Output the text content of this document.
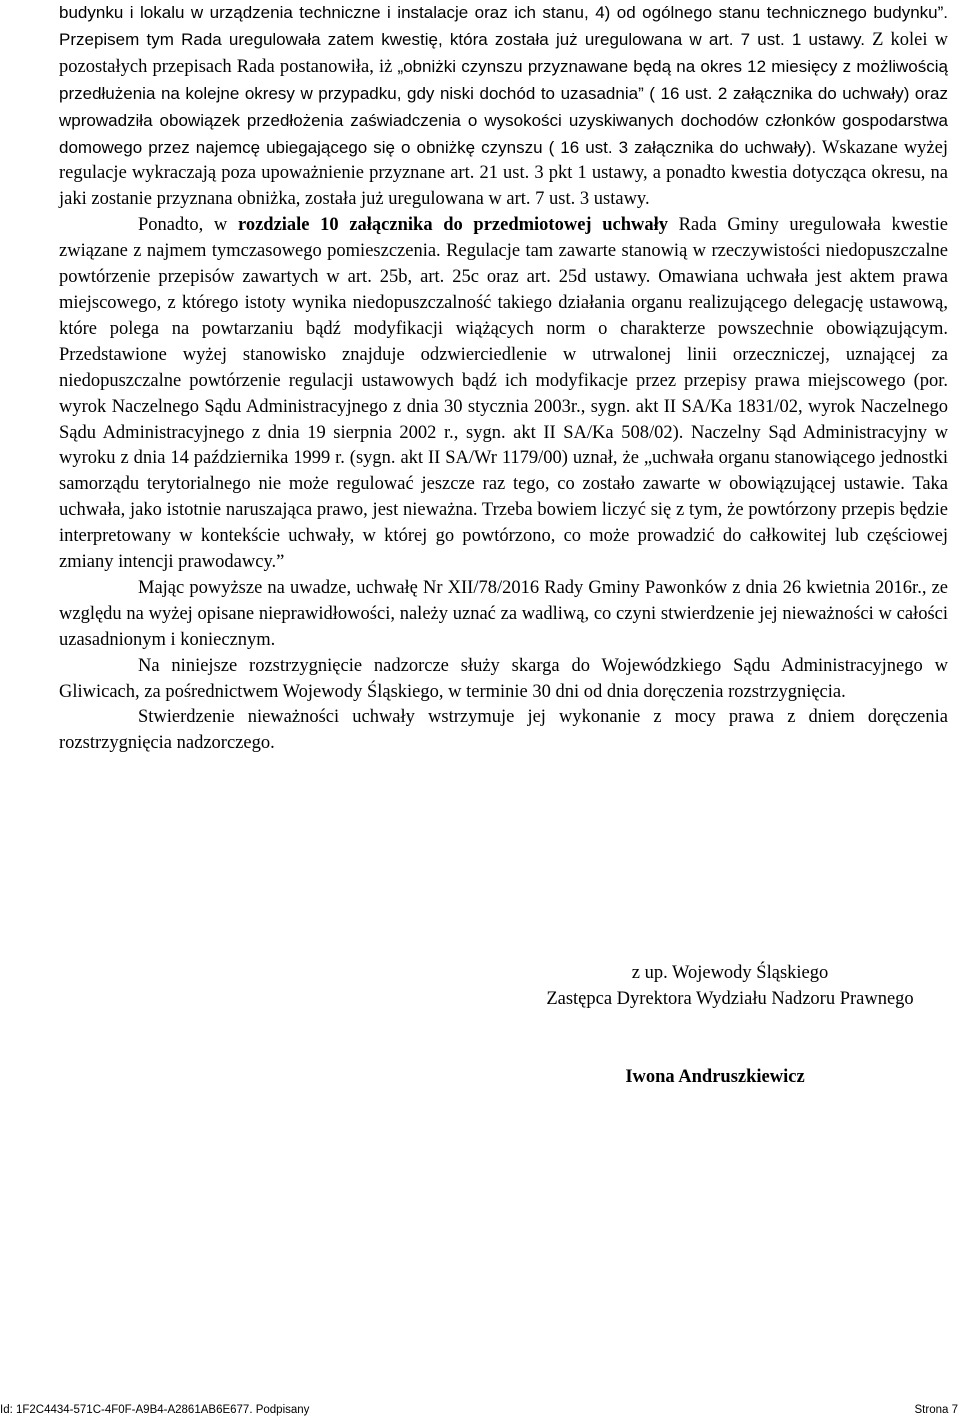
budynku i lokalu w urządzenia techniczne i instalacje oraz ich stanu, 4) od ogólnego stanu technicznego budynku”. Przepisem tym Rada uregulowała zatem kwestię, która została już uregulowana w art. 7 ust. 1 ustawy. Z kolei w pozostałych przepisach Rada postanowiła, iż „obniżki czynszu przyznawane będą na okres 12 miesięcy z możliwością przedłużenia na kolejne okresy w przypadku, gdy niski dochód to uzasadnia” ( 16 ust. 2 załącznika do uchwały) oraz wprowadziła obowiązek przedłożenia zaświadczenia o wysokości uzyskiwanych dochodów członków gospodarstwa domowego przez najemcę ubiegającego się o obniżkę czynszu ( 16 ust. 3 załącznika do uchwały). Wskazane wyżej regulacje wykraczają poza upoważnienie przyznane art. 21 ust. 3 pkt 1 ustawy, a ponadto kwestia dotycząca okresu, na jaki zostanie przyznana obniżka, została już uregulowana w art. 7 ust. 3 ustawy.

Ponadto, w rozdziale 10 załącznika do przedmiotowej uchwały Rada Gminy uregulowała kwestie związane z najmem tymczasowego pomieszczenia. Regulacje tam zawarte stanowią w rzeczywistości niedopuszczalne powtórzenie przepisów zawartych w art. 25b, art. 25c oraz art. 25d ustawy. Omawiana uchwała jest aktem prawa miejscowego, z którego istoty wynika niedopuszczalność takiego działania organu realizującego delegację ustawową, które polega na powtarzaniu bądź modyfikacji wiążących norm o charakterze powszechnie obowiązującym. Przedstawione wyżej stanowisko znajduje odzwierciedlenie w utrwalonej linii orzeczniczej, uznającej za niedopuszczalne powtórzenie regulacji ustawowych bądź ich modyfikacje przez przepisy prawa miejscowego (por. wyrok Naczelnego Sądu Administracyjnego z dnia 30 stycznia 2003r., sygn. akt II SA/Ka 1831/02, wyrok Naczelnego Sądu Administracyjnego z dnia 19 sierpnia 2002 r., sygn. akt II SA/Ka 508/02). Naczelny Sąd Administracyjny w wyroku z dnia 14 października 1999 r. (sygn. akt II SA/Wr 1179/00) uznał, że „uchwała organu stanowiącego jednostki samorządu terytorialnego nie może regulować jeszcze raz tego, co zostało zawarte w obowiązującej ustawie. Taka uchwała, jako istotnie naruszająca prawo, jest nieważna. Trzeba bowiem liczyć się z tym, że powtórzony przepis będzie interpretowany w kontekście uchwały, w której go powtórzono, co może prowadzić do całkowitej lub częściowej zmiany intencji prawodawcy.”

Mając powyższe na uwadze, uchwałę Nr XII/78/2016 Rady Gminy Pawonków z dnia 26 kwietnia 2016r., ze względu na wyżej opisane nieprawidłowości, należy uznać za wadliwą, co czyni stwierdzenie jej nieważności w całości uzasadnionym i koniecznym.

Na niniejsze rozstrzygnięcie nadzorcze służy skarga do Wojewódzkiego Sądu Administracyjnego w Gliwicach, za pośrednictwem Wojewody Śląskiego, w terminie 30 dni od dnia doręczenia rozstrzygnięcia.

Stwierdzenie nieważności uchwały wstrzymuje jej wykonanie z mocy prawa z dniem doręczenia rozstrzygnięcia nadzorczego.

z up. Wojewody Śląskiego
Zastępca Dyrektora Wydziału Nadzoru Prawnego
Iwona Andruszkiewicz
Id: 1F2C4434-571C-4F0F-A9B4-A2861AB6E677. Podpisany	Strona 7
